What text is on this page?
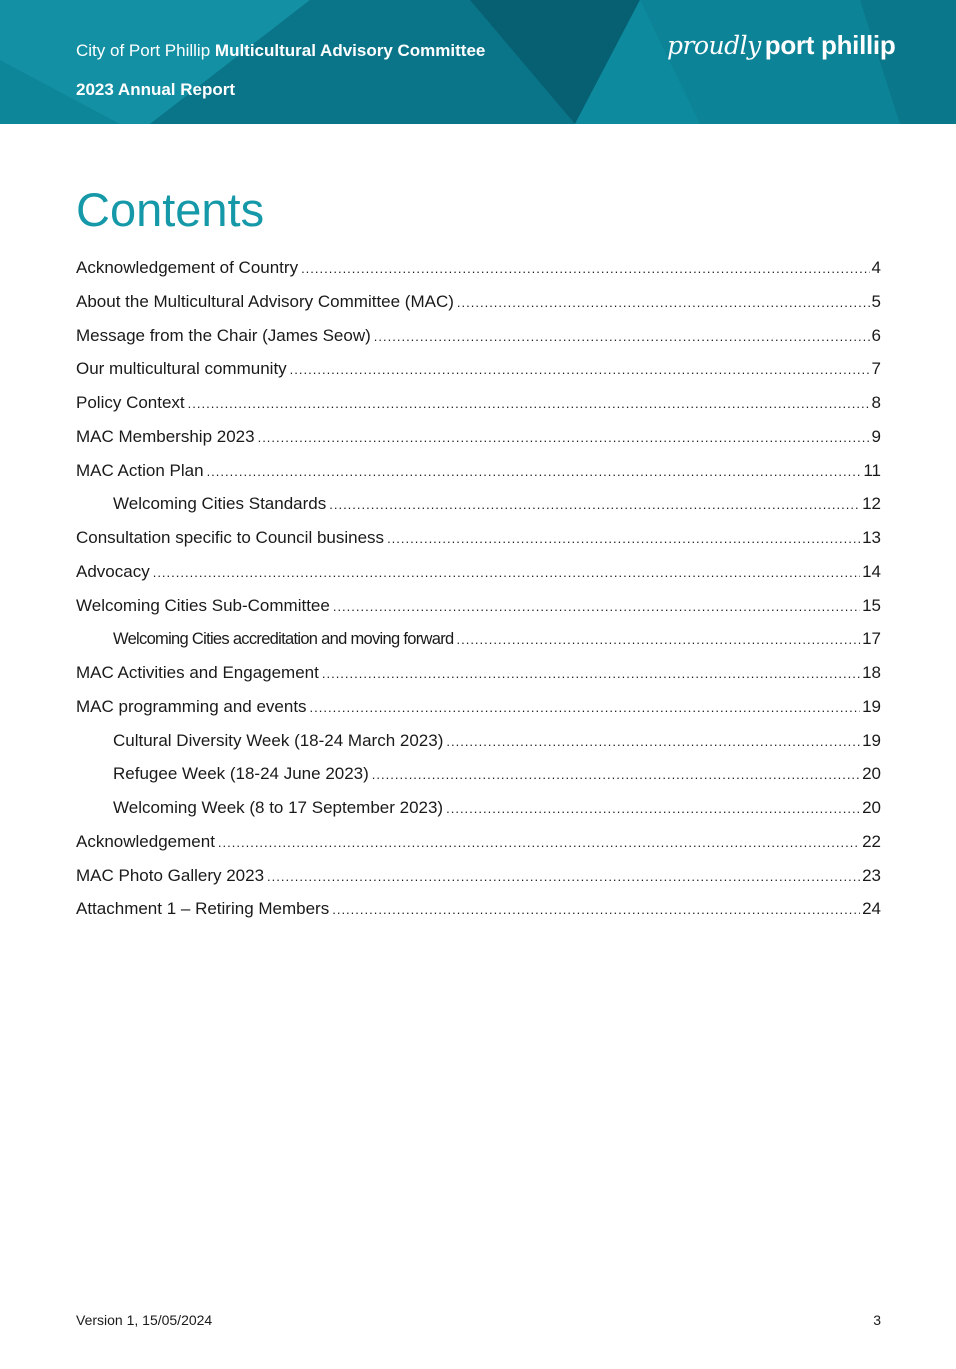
City of Port Phillip Multicultural Advisory Committee
2023 Annual Report
proudly port phillip
Contents
Acknowledgement of Country .....	4
About the Multicultural Advisory Committee (MAC) .....	5
Message from the Chair (James Seow) .....	6
Our multicultural community .....	7
Policy Context .....	8
MAC Membership 2023 .....	9
MAC Action Plan .....	11
Welcoming Cities Standards .....	12
Consultation specific to Council business .....	13
Advocacy .....	14
Welcoming Cities Sub-Committee .....	15
Welcoming Cities accreditation and moving forward .....	17
MAC Activities and Engagement .....	18
MAC programming and events .....	19
Cultural Diversity Week (18-24 March 2023) .....	19
Refugee Week (18-24 June 2023) .....	20
Welcoming Week (8 to 17 September 2023) .....	20
Acknowledgement .....	22
MAC Photo Gallery 2023 .....	23
Attachment 1 – Retiring Members .....	24
Version 1, 15/05/2024	3
